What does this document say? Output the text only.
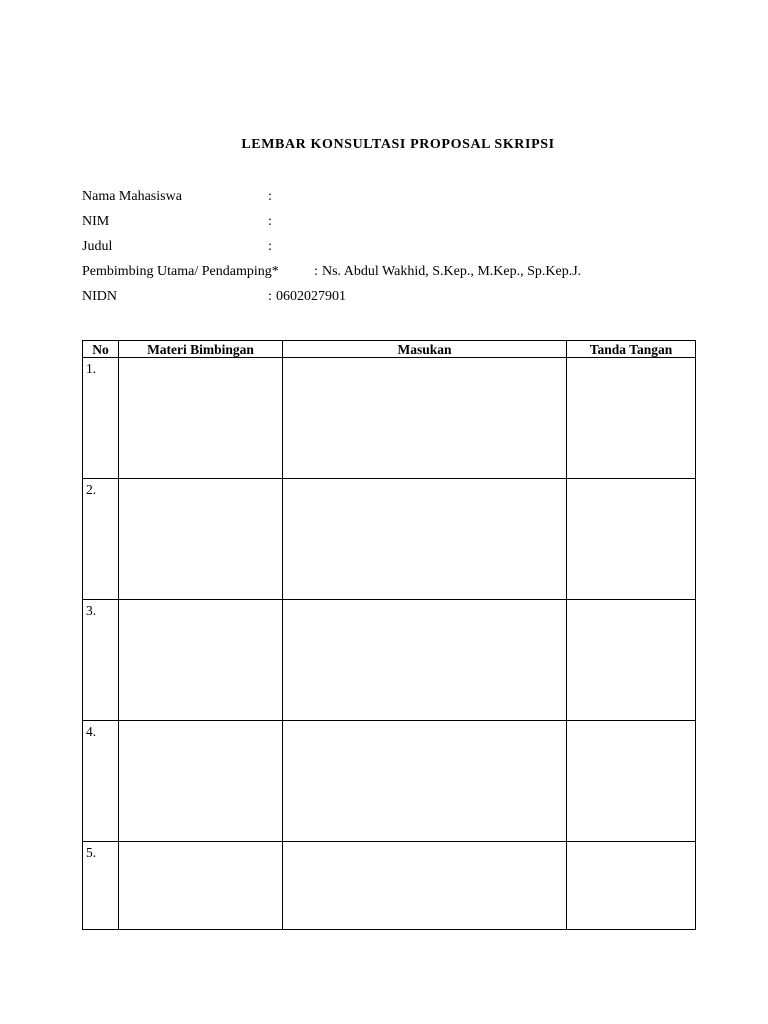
LEMBAR KONSULTASI PROPOSAL SKRIPSI
Nama Mahasiswa	:
NIM	:
Judul	:
Pembimbing Utama/ Pendamping*	: Ns. Abdul Wakhid, S.Kep., M.Kep., Sp.Kep.J.
NIDN	: 0602027901
No	Materi Bimbingan	Masukan	Tanda Tangan
1.			
2.			
3.			
4.			
5.			
